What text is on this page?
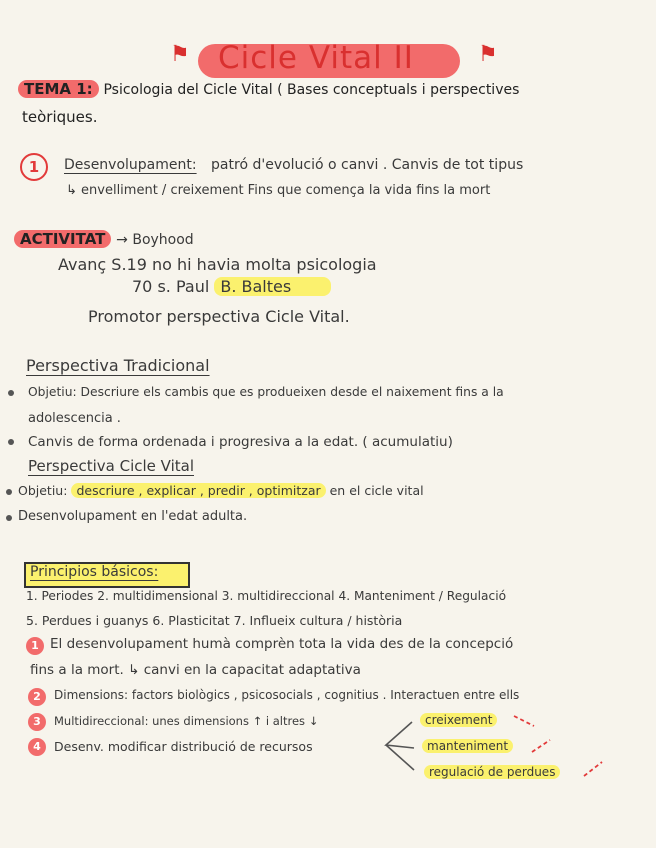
⚑	⚑
Cicle Vital II
TEMA 1: Psicologia del Cicle Vital ( Bases conceptuals i perspectives
teòriques.
1	Desenvolupament: patró d'evolució o canvi . Canvis de tot tipus
↳ envelliment / creixement Fins que comença la vida fins la mort
ACTIVITAT → Boyhood
Avanç S.19 no hi havia molta psicologia
70 s. Paul B. Baltes
Promotor perspectiva Cicle Vital.
Perspectiva Tradicional
Objetiu: Descriure els cambis que es produeixen desde el naixement fins a la
adolescencia .
Canvis de forma ordenada i progresiva a la edat. ( acumulatiu)
Perspectiva Cicle Vital
Objetiu: descriure , explicar , predir , optimitzar en el cicle vital
Desenvolupament en l'edat adulta.
Principios básicos:
1. Periodes 2. multidimensional 3. multidireccional 4. Manteniment / Regulació
5. Perdues i guanys 6. Plasticitat 7. Influeix cultura / història
1 El desenvolupament humà comprèn tota la vida des de la concepció
fins a la mort. ↳ canvi en la capacitat adaptativa
2	Dimensions: factors biològics , psicosocials , cognitius . Interactuen entre ells
3	Multidireccional: unes dimensions ↑ i altres ↓
4	Desenv. modificar distribució de recursos
creixement
manteniment
regulació de perdues
